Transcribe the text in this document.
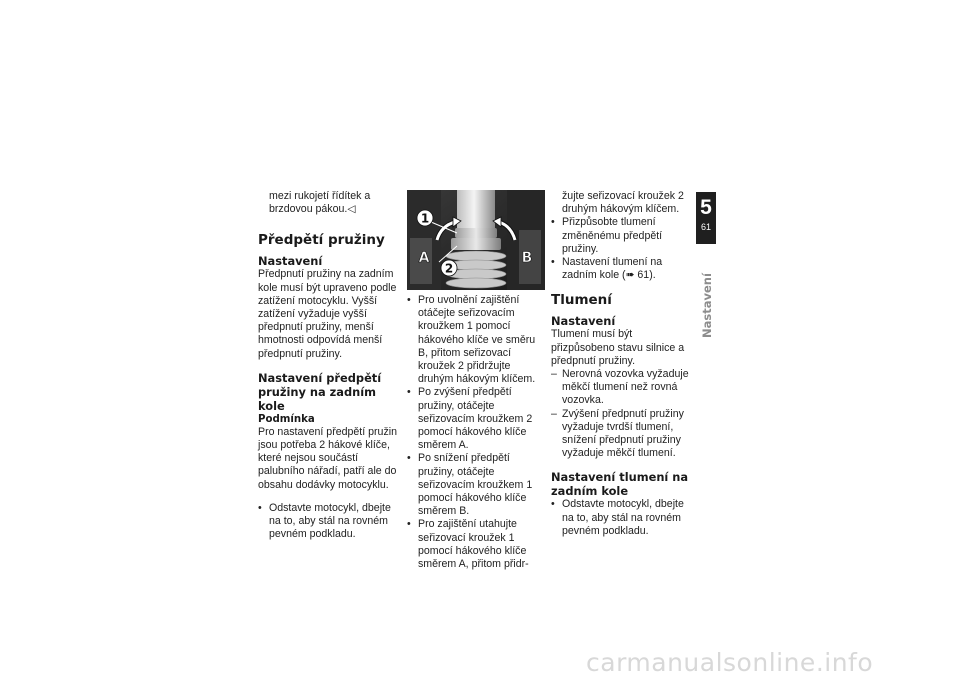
mezi rukojetí řídítek a brzdovou pákou.◁

Předpětí pružiny
Nastavení

Předpnutí pružiny na zadním kole musí být upraveno podle zatížení motocyklu. Vyšší zatížení vyžaduje vyšší předpnutí pružiny, menší hmotnosti odpovídá menší předpnutí pružiny.

Nastavení předpětí pružiny na zadním kole
Podmínka

Pro nastavení předpětí pružin jsou potřeba 2 hákové klíče, které nejsou součástí palubního nářadí, patří ale do obsahu dodávky motocyklu.

• Odstavte motocykl, dbejte na to, aby stál na rovném pevném podkladu.
1
2
A	B
• Pro uvolnění zajištění otáčejte seřizovacím kroužkem 1 pomocí hákového klíče ve směru B, přitom seřizovací kroužek 2 přidržujte druhým hákovým klíčem.
• Po zvýšení předpětí pružiny, otáčejte seřizovacím kroužkem 2 pomocí hákového klíče směrem A.
• Po snížení předpětí pružiny, otáčejte seřizovacím kroužkem 1 pomocí hákového klíče směrem B.
• Pro zajištění utahujte seřizovací kroužek 1 pomocí hákového klíče směrem A, přitom přidr-

žujte seřizovací kroužek 2 druhým hákovým klíčem.

• Přizpůsobte tlumení změněnému předpětí pružiny.
• Nastavení tlumení na zadním kole (➠ 61).
Tlumení
Nastavení

Tlumení musí být přizpůsobeno stavu silnice a předpnutí pružiny.

– Nerovná vozovka vyžaduje měkčí tlumení než rovná vozovka.
– Zvýšení předpnutí pružiny vyžaduje tvrdší tlumení, snížení předpnutí pružiny vyžaduje měkčí tlumení.
Nastavení tlumení na zadním kole
• Odstavte motocykl, dbejte na to, aby stál na rovném pevném podkladu.
5
61
Nastavení
carmanualsonline.info
